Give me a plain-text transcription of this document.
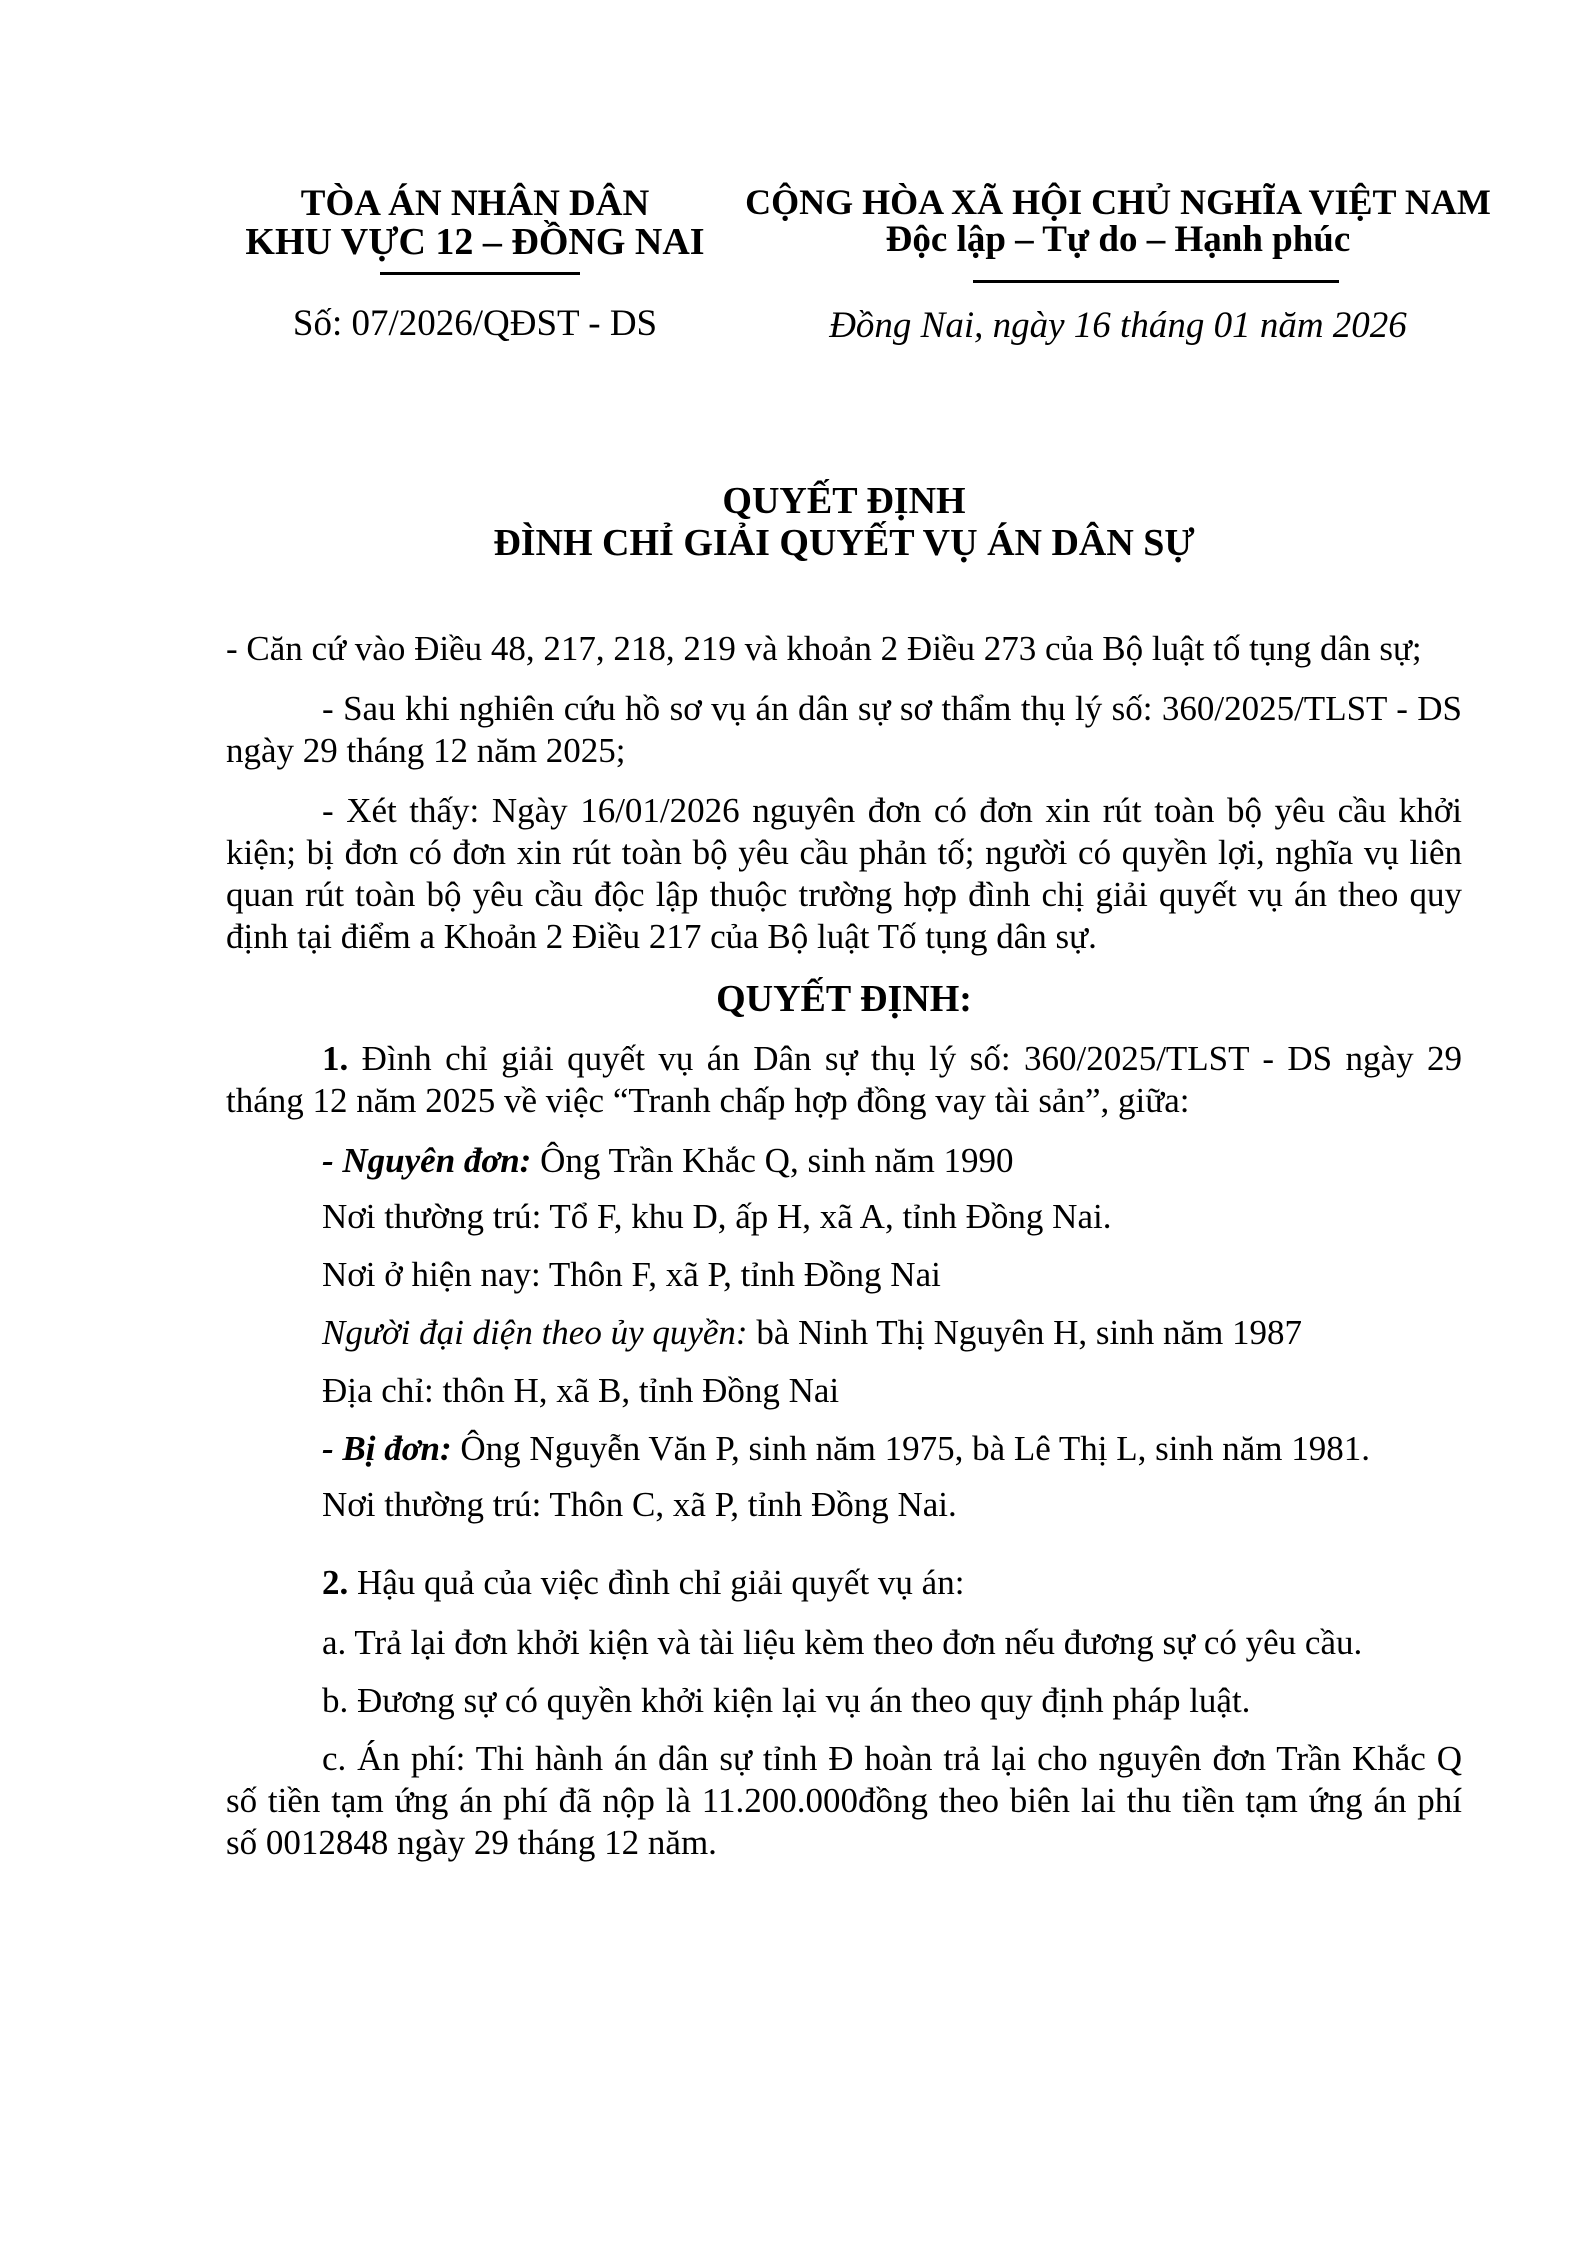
TÒA ÁN NHÂN DÂN
KHU VỰC 12 – ĐỒNG NAI
Số: 07/2026/QĐST - DS
CỘNG HÒA XÃ HỘI CHỦ NGHĨA VIỆT NAM
Độc lập – Tự do – Hạnh phúc
Đồng Nai, ngày 16 tháng 01 năm 2026
QUYẾT ĐỊNH
ĐÌNH CHỈ GIẢI QUYẾT VỤ ÁN DÂN SỰ

- Căn cứ vào Điều 48, 217, 218, 219 và khoản 2 Điều 273 của Bộ luật tố tụng dân sự;

- Sau khi nghiên cứu hồ sơ vụ án dân sự sơ thẩm thụ lý số: 360/2025/TLST - DS ngày 29 tháng 12 năm 2025;

- Xét thấy: Ngày 16/01/2026 nguyên đơn có đơn xin rút toàn bộ yêu cầu khởi kiện; bị đơn có đơn xin rút toàn bộ yêu cầu phản tố; người có quyền lợi, nghĩa vụ liên quan rút toàn bộ yêu cầu độc lập thuộc trường hợp đình chị giải quyết vụ án theo quy định tại điểm a Khoản 2 Điều 217 của Bộ luật Tố tụng dân sự.

QUYẾT ĐỊNH:

1. Đình chỉ giải quyết vụ án Dân sự thụ lý số: 360/2025/TLST - DS ngày 29 tháng 12 năm 2025 về việc “Tranh chấp hợp đồng vay tài sản”, giữa:

- Nguyên đơn: Ông Trần Khắc Q, sinh năm 1990

Nơi thường trú: Tổ F, khu D, ấp H, xã A, tỉnh Đồng Nai.

Nơi ở hiện nay: Thôn F, xã P, tỉnh Đồng Nai

Người đại diện theo ủy quyền: bà Ninh Thị Nguyên H, sinh năm 1987

Địa chỉ: thôn H, xã B, tỉnh Đồng Nai

- Bị đơn: Ông Nguyễn Văn P, sinh năm 1975, bà Lê Thị L, sinh năm 1981.

Nơi thường trú: Thôn C, xã P, tỉnh Đồng Nai.

2. Hậu quả của việc đình chỉ giải quyết vụ án:

a. Trả lại đơn khởi kiện và tài liệu kèm theo đơn nếu đương sự có yêu cầu.

b. Đương sự có quyền khởi kiện lại vụ án theo quy định pháp luật.

c. Án phí: Thi hành án dân sự tỉnh Đ hoàn trả lại cho nguyên đơn Trần Khắc Q số tiền tạm ứng án phí đã nộp là 11.200.000đồng theo biên lai thu tiền tạm ứng án phí số 0012848 ngày 29 tháng 12 năm.
